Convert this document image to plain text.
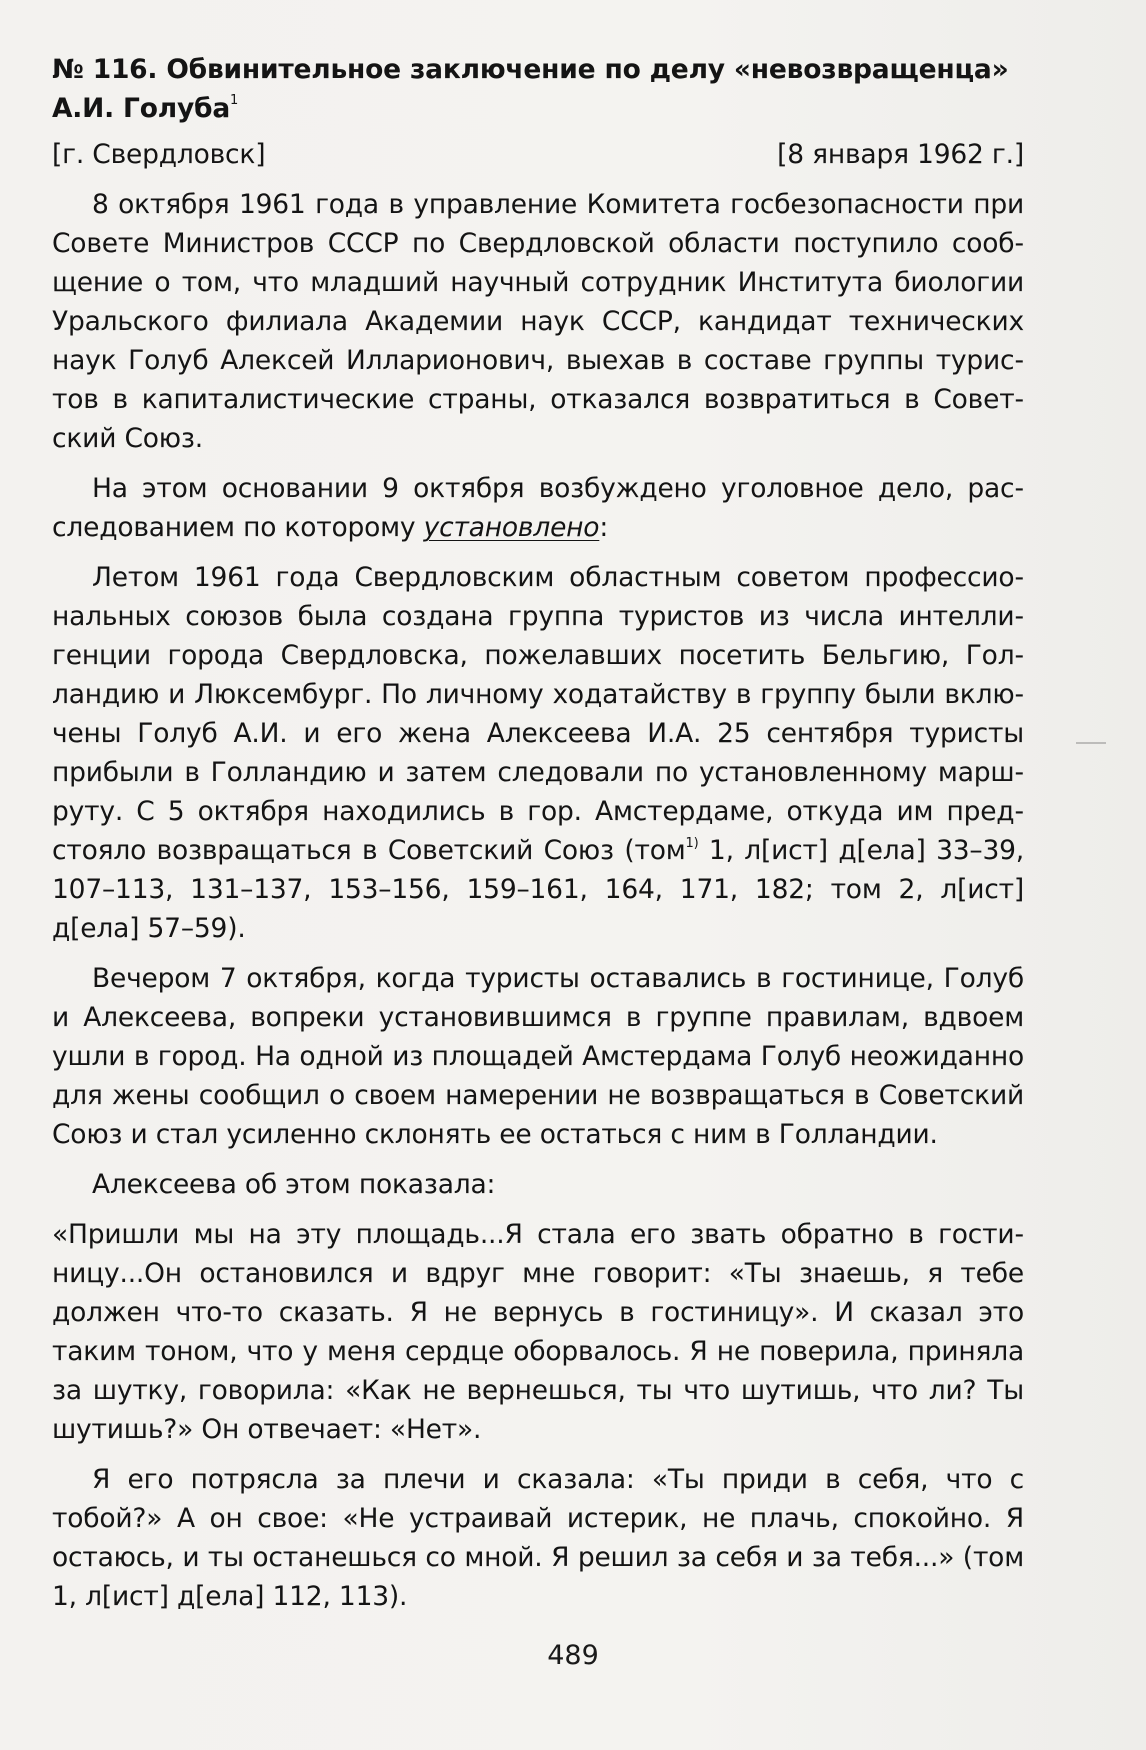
№ 116. Обвинительное заключение по делу «невозвращенца»
А.И. Голуба$^1$
[г. Свердловск]	[8 января 1962 г.]

8 октября 1961 года в управление Комитета госбезопасности при Совете Министров СССР по Свердловской области поступило сообщение о том, что младший научный сотрудник Института биологии Уральского филиала Академии наук СССР, кандидат технических наук Голуб Алексей Илларионович, выехав в составе группы туристов в капиталистические страны, отказался возвратиться в Советский Союз.

На этом основании 9 октября возбуждено уголовное дело, расследованием по которому установлено:

Летом 1961 года Свердловским областным советом профессиональных союзов была создана группа туристов из числа интеллигенции города Свердловска, пожелавших посетить Бельгию, Голландию и Люксембург. По личному ходатайству в группу были включены Голуб А.И. и его жена Алексеева И.А. 25 сентября туристы прибыли в Голландию и затем следовали по установленному маршруту. С 5 октября находились в гор. Амстердаме, откуда им предстояло возвращаться в Советский Союз (том$^{1)}$ 1, л[ист] д[ела] 33–39, 107–113, 131–137, 153–156, 159–161, 164, 171, 182; том 2, л[ист] д[ела] 57–59).

Вечером 7 октября, когда туристы оставались в гостинице, Голуб и Алексеева, вопреки установившимся в группе правилам, вдвоем ушли в город. На одной из площадей Амстердама Голуб неожиданно для жены сообщил о своем намерении не возвращаться в Советский Союз и стал усиленно склонять ее остаться с ним в Голландии.

Алексеева об этом показала:

«Пришли мы на эту площадь...Я стала его звать обратно в гостиницу...Он остановился и вдруг мне говорит: «Ты знаешь, я тебе должен что-то сказать. Я не вернусь в гостиницу». И сказал это таким тоном, что у меня сердце оборвалось. Я не поверила, приняла за шутку, говорила: «Как не вернешься, ты что шутишь, что ли? Ты шутишь?» Он отвечает: «Нет».

Я его потрясла за плечи и сказала: «Ты приди в себя, что с тобой?» А он свое: «Не устраивай истерик, не плачь, спокойно. Я остаюсь, и ты останешься со мной. Я решил за себя и за тебя...» (том 1, л[ист] д[ела] 112, 113).

489
